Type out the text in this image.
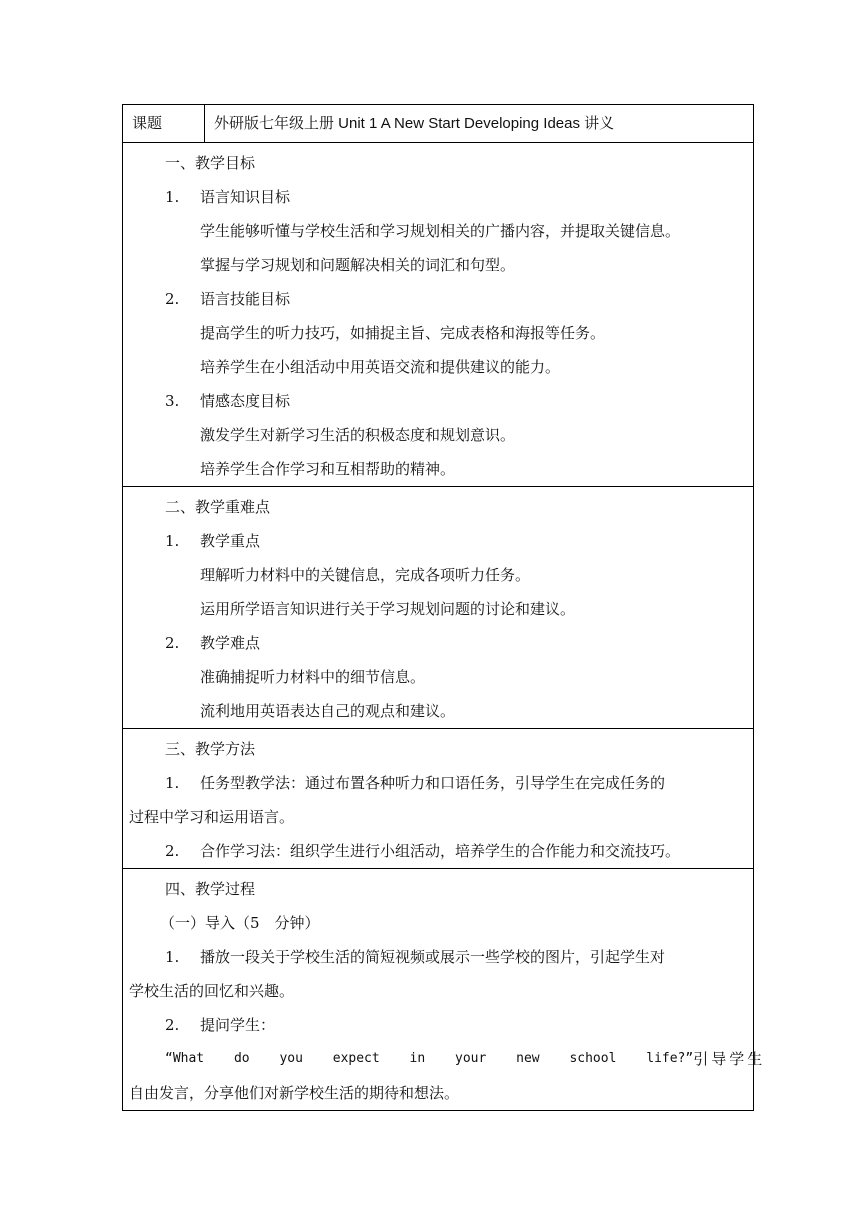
课题	外研版七年级上册 Unit 1 A New Start Developing Ideas 讲义

一、教学目标
1. 语言知识目标
学生能够听懂与学校生活和学习规划相关的广播内容，并提取关键信息。
掌握与学习规划和问题解决相关的词汇和句型。
2. 语言技能目标
提高学生的听力技巧，如捕捉主旨、完成表格和海报等任务。
培养学生在小组活动中用英语交流和提供建议的能力。
3. 情感态度目标
激发学生对新学习生活的积极态度和规划意识。
培养学生合作学习和互相帮助的精神。

二、教学重难点
1. 教学重点
理解听力材料中的关键信息，完成各项听力任务。
运用所学语言知识进行关于学习规划问题的讨论和建议。
2. 教学难点
准确捕捉听力材料中的细节信息。
流利地用英语表达自己的观点和建议。

三、教学方法
1. 任务型教学法：通过布置各种听力和口语任务，引导学生在完成任务的
过程中学习和运用语言。
2. 合作学习法：组织学生进行小组活动，培养学生的合作能力和交流技巧。

四、教学过程
（一）导入（5　分钟）
1. 播放一段关于学校生活的简短视频或展示一些学校的图片，引起学生对
学校生活的回忆和兴趣。
2. 提问学生：
“What do you expect in your new school life?” 引导学生
自由发言，分享他们对新学校生活的期待和想法。
